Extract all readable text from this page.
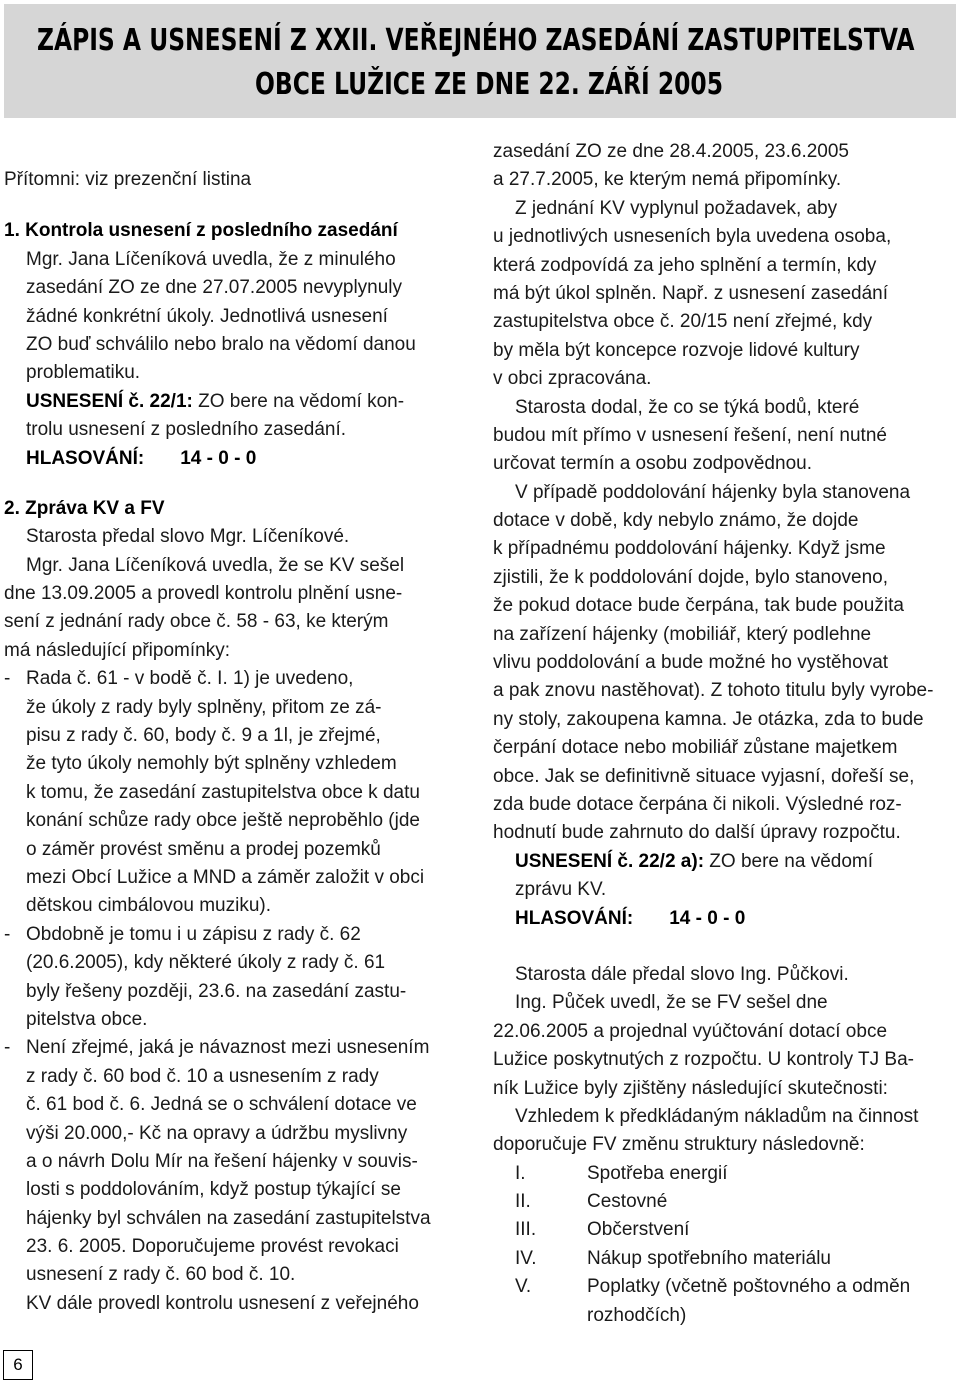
ZÁPIS A USNESENÍ Z XXII. VEŘEJNÉHO ZASEDÁNÍ ZASTUPITELSTVA
OBCE LUŽICE ZE DNE 22. ZÁŘÍ 2005
Přítomni: viz prezenční listina
1. Kontrola usnesení z posledního zasedání
Mgr. Jana Líčeníková uvedla, že z minulého
zasedání ZO ze dne 27.07.2005 nevyplynuly
žádné konkrétní úkoly. Jednotlivá usnesení
ZO buď schválilo nebo bralo na vědomí danou
problematiku.
USNESENÍ č. 22/1: ZO bere na vědomí kon-
trolu usnesení z posledního zasedání.
HLASOVÁNÍ: 14 - 0 - 0
2. Zpráva KV a FV
Starosta předal slovo Mgr. Líčeníkové.
Mgr. Jana Líčeníková uvedla, že se KV sešel
dne 13.09.2005 a provedl kontrolu plnění usne-
sení z jednání rady obce č. 58 - 63, ke kterým
má následující připomínky:
- Rada č. 61 - v bodě č. I. 1) je uvedeno,
že úkoly z rady byly splněny, přitom ze zá-
pisu z rady č. 60, body č. 9 a 1l, je zřejmé,
že tyto úkoly nemohly být splněny vzhledem
k tomu, že zasedání zastupitelstva obce k datu
konání schůze rady obce ještě neproběhlo (jde
o záměr provést směnu a prodej pozemků
mezi Obcí Lužice a MND a záměr založit v obci
dětskou cimbálovou muziku).
- Obdobně je tomu i u zápisu z rady č. 62
(20.6.2005), kdy některé úkoly z rady č. 61
byly řešeny později, 23.6. na zasedání zastu-
pitelstva obce.
- Není zřejmé, jaká je návaznost mezi usnesením
z rady č. 60 bod č. 10 a usnesením z rady
č. 61 bod č. 6. Jedná se o schválení dotace ve
výši 20.000,- Kč na opravy a údržbu myslivny
a o návrh Dolu Mír na řešení hájenky v souvis-
losti s poddolováním, když postup týkající se
hájenky byl schválen na zasedání zastupitelstva
23. 6. 2005. Doporučujeme provést revokaci
usnesení z rady č. 60 bod č. 10.
KV dále provedl kontrolu usnesení z veřejného
zasedání ZO ze dne 28.4.2005, 23.6.2005
a 27.7.2005, ke kterým nemá připomínky.
Z jednání KV vyplynul požadavek, aby
u jednotlivých usneseních byla uvedena osoba,
která zodpovídá za jeho splnění a termín, kdy
má být úkol splněn. Např. z usnesení zasedání
zastupitelstva obce č. 20/15 není zřejmé, kdy
by měla být koncepce rozvoje lidové kultury
v obci zpracována.
Starosta dodal, že co se týká bodů, které
budou mít přímo v usnesení řešení, není nutné
určovat termín a osobu zodpovědnou.
V případě poddolování hájenky byla stanovena
dotace v době, kdy nebylo známo, že dojde
k případnému poddolování hájenky. Když jsme
zjistili, že k poddolování dojde, bylo stanoveno,
že pokud dotace bude čerpána, tak bude použita
na zařízení hájenky (mobiliář, který podlehne
vlivu poddolování a bude možné ho vystěhovat
a pak znovu nastěhovat). Z tohoto titulu byly vyrobe-
ny stoly, zakoupena kamna. Je otázka, zda to bude
čerpání dotace nebo mobiliář zůstane majetkem
obce. Jak se definitivně situace vyjasní, dořeší se,
zda bude dotace čerpána či nikoli. Výsledné roz-
hodnutí bude zahrnuto do další úpravy rozpočtu.
USNESENÍ č. 22/2 a): ZO bere na vědomí
zprávu KV.
HLASOVÁNÍ: 14 - 0 - 0
Starosta dále předal slovo Ing. Půčkovi.
Ing. Půček uvedl, že se FV sešel dne
22.06.2005 a projednal vyúčtování dotací obce
Lužice poskytnutých z rozpočtu. U kontroly TJ Ba-
ník Lužice byly zjištěny následující skutečnosti:
Vzhledem k předkládaným nákladům na činnost
doporučuje FV změnu struktury následovně:
I.	Spotřeba energií
II.	Cestovné
III.	Občerstvení
IV.	Nákup spotřebního materiálu
V.	Poplatky (včetně poštovného a odměn
rozhodčích)
6
